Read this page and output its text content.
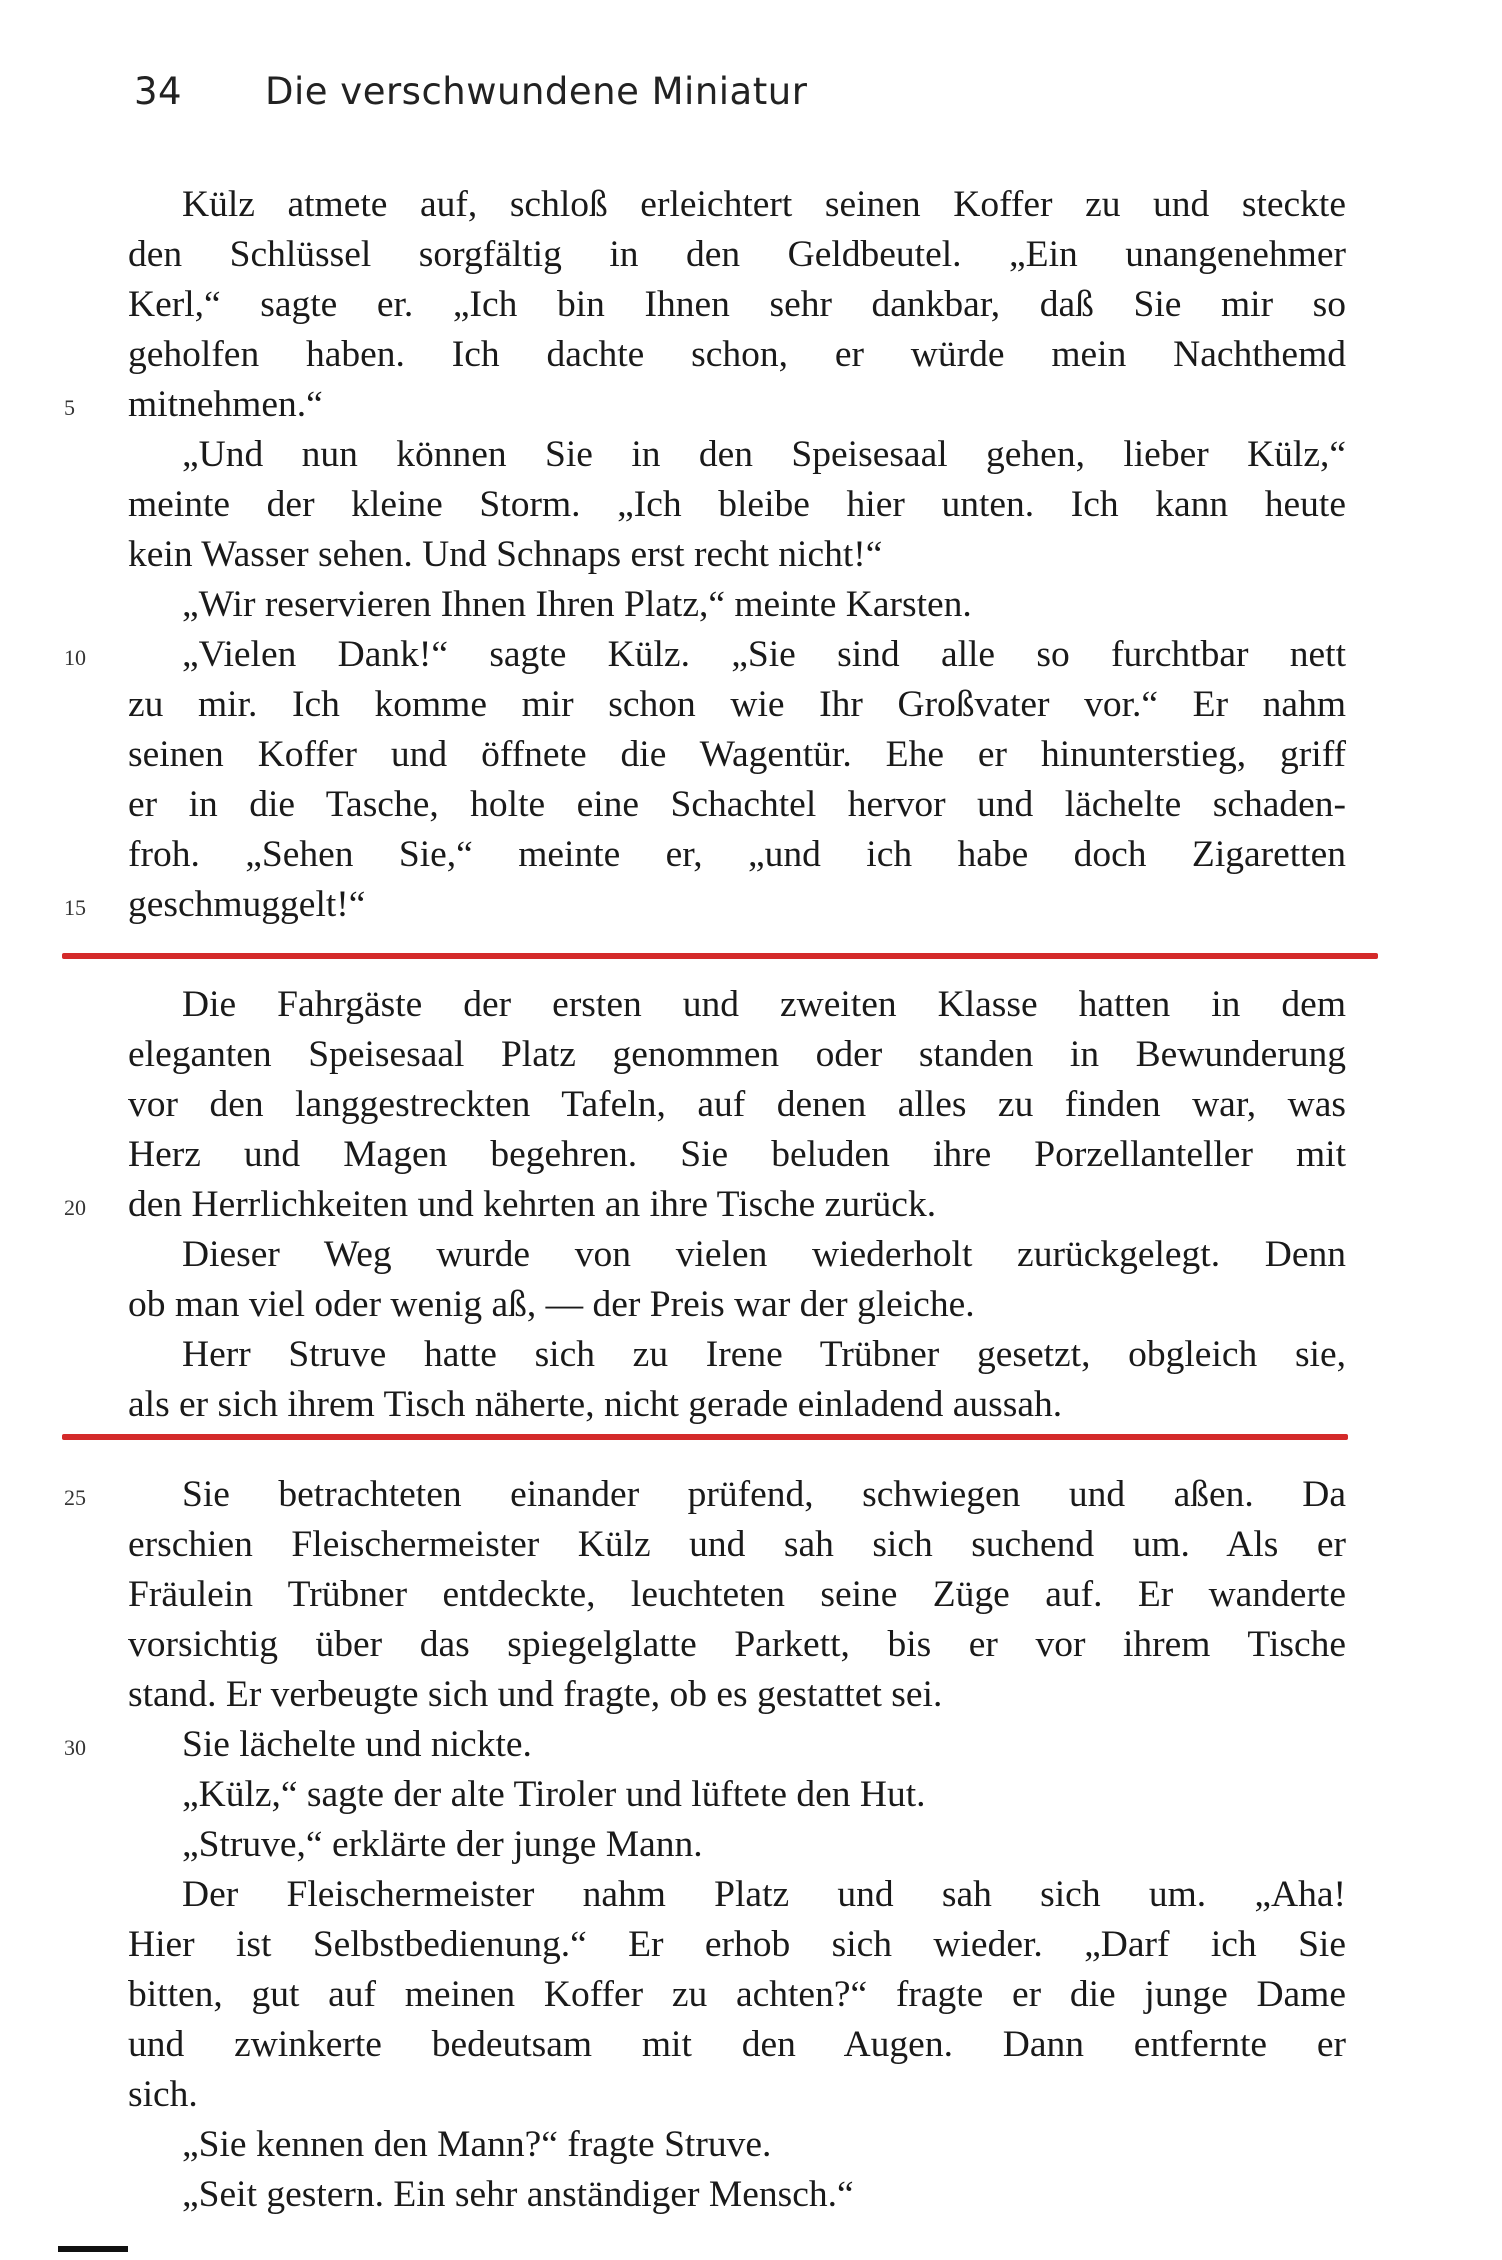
34 Die verschwundene Miniatur
Külz atmete auf, schloß erleichtert seinen Koffer zu und steckte
den Schlüssel sorgfältig in den Geldbeutel. „Ein unangenehmer
Kerl,“ sagte er. „Ich bin Ihnen sehr dankbar, daß Sie mir so
geholfen haben. Ich dachte schon, er würde mein Nachthemd
mitnehmen.“
„Und nun können Sie in den Speisesaal gehen, lieber Külz,“
meinte der kleine Storm. „Ich bleibe hier unten. Ich kann heute
kein Wasser sehen. Und Schnaps erst recht nicht!“
„Wir reservieren Ihnen Ihren Platz,“ meinte Karsten.
„Vielen Dank!“ sagte Külz. „Sie sind alle so furchtbar nett
zu mir. Ich komme mir schon wie Ihr Großvater vor.“ Er nahm
seinen Koffer und öffnete die Wagentür. Ehe er hinunterstieg, griff
er in die Tasche, holte eine Schachtel hervor und lächelte schaden-
froh. „Sehen Sie,“ meinte er, „und ich habe doch Zigaretten
geschmuggelt!“
Die Fahrgäste der ersten und zweiten Klasse hatten in dem
eleganten Speisesaal Platz genommen oder standen in Bewunderung
vor den langgestreckten Tafeln, auf denen alles zu finden war, was
Herz und Magen begehren. Sie beluden ihre Porzellanteller mit
den Herrlichkeiten und kehrten an ihre Tische zurück.
Dieser Weg wurde von vielen wiederholt zurückgelegt. Denn
ob man viel oder wenig aß, — der Preis war der gleiche.
Herr Struve hatte sich zu Irene Trübner gesetzt, obgleich sie,
als er sich ihrem Tisch näherte, nicht gerade einladend aussah.
Sie betrachteten einander prüfend, schwiegen und aßen. Da
erschien Fleischermeister Külz und sah sich suchend um. Als er
Fräulein Trübner entdeckte, leuchteten seine Züge auf. Er wanderte
vorsichtig über das spiegelglatte Parkett, bis er vor ihrem Tische
stand. Er verbeugte sich und fragte, ob es gestattet sei.
Sie lächelte und nickte.
„Külz,“ sagte der alte Tiroler und lüftete den Hut.
„Struve,“ erklärte der junge Mann.
Der Fleischermeister nahm Platz und sah sich um. „Aha!
Hier ist Selbstbedienung.“ Er erhob sich wieder. „Darf ich Sie
bitten, gut auf meinen Koffer zu achten?“ fragte er die junge Dame
und zwinkerte bedeutsam mit den Augen. Dann entfernte er
sich.
„Sie kennen den Mann?“ fragte Struve.
„Seit gestern. Ein sehr anständiger Mensch.“
5
10
15
20
25
30
